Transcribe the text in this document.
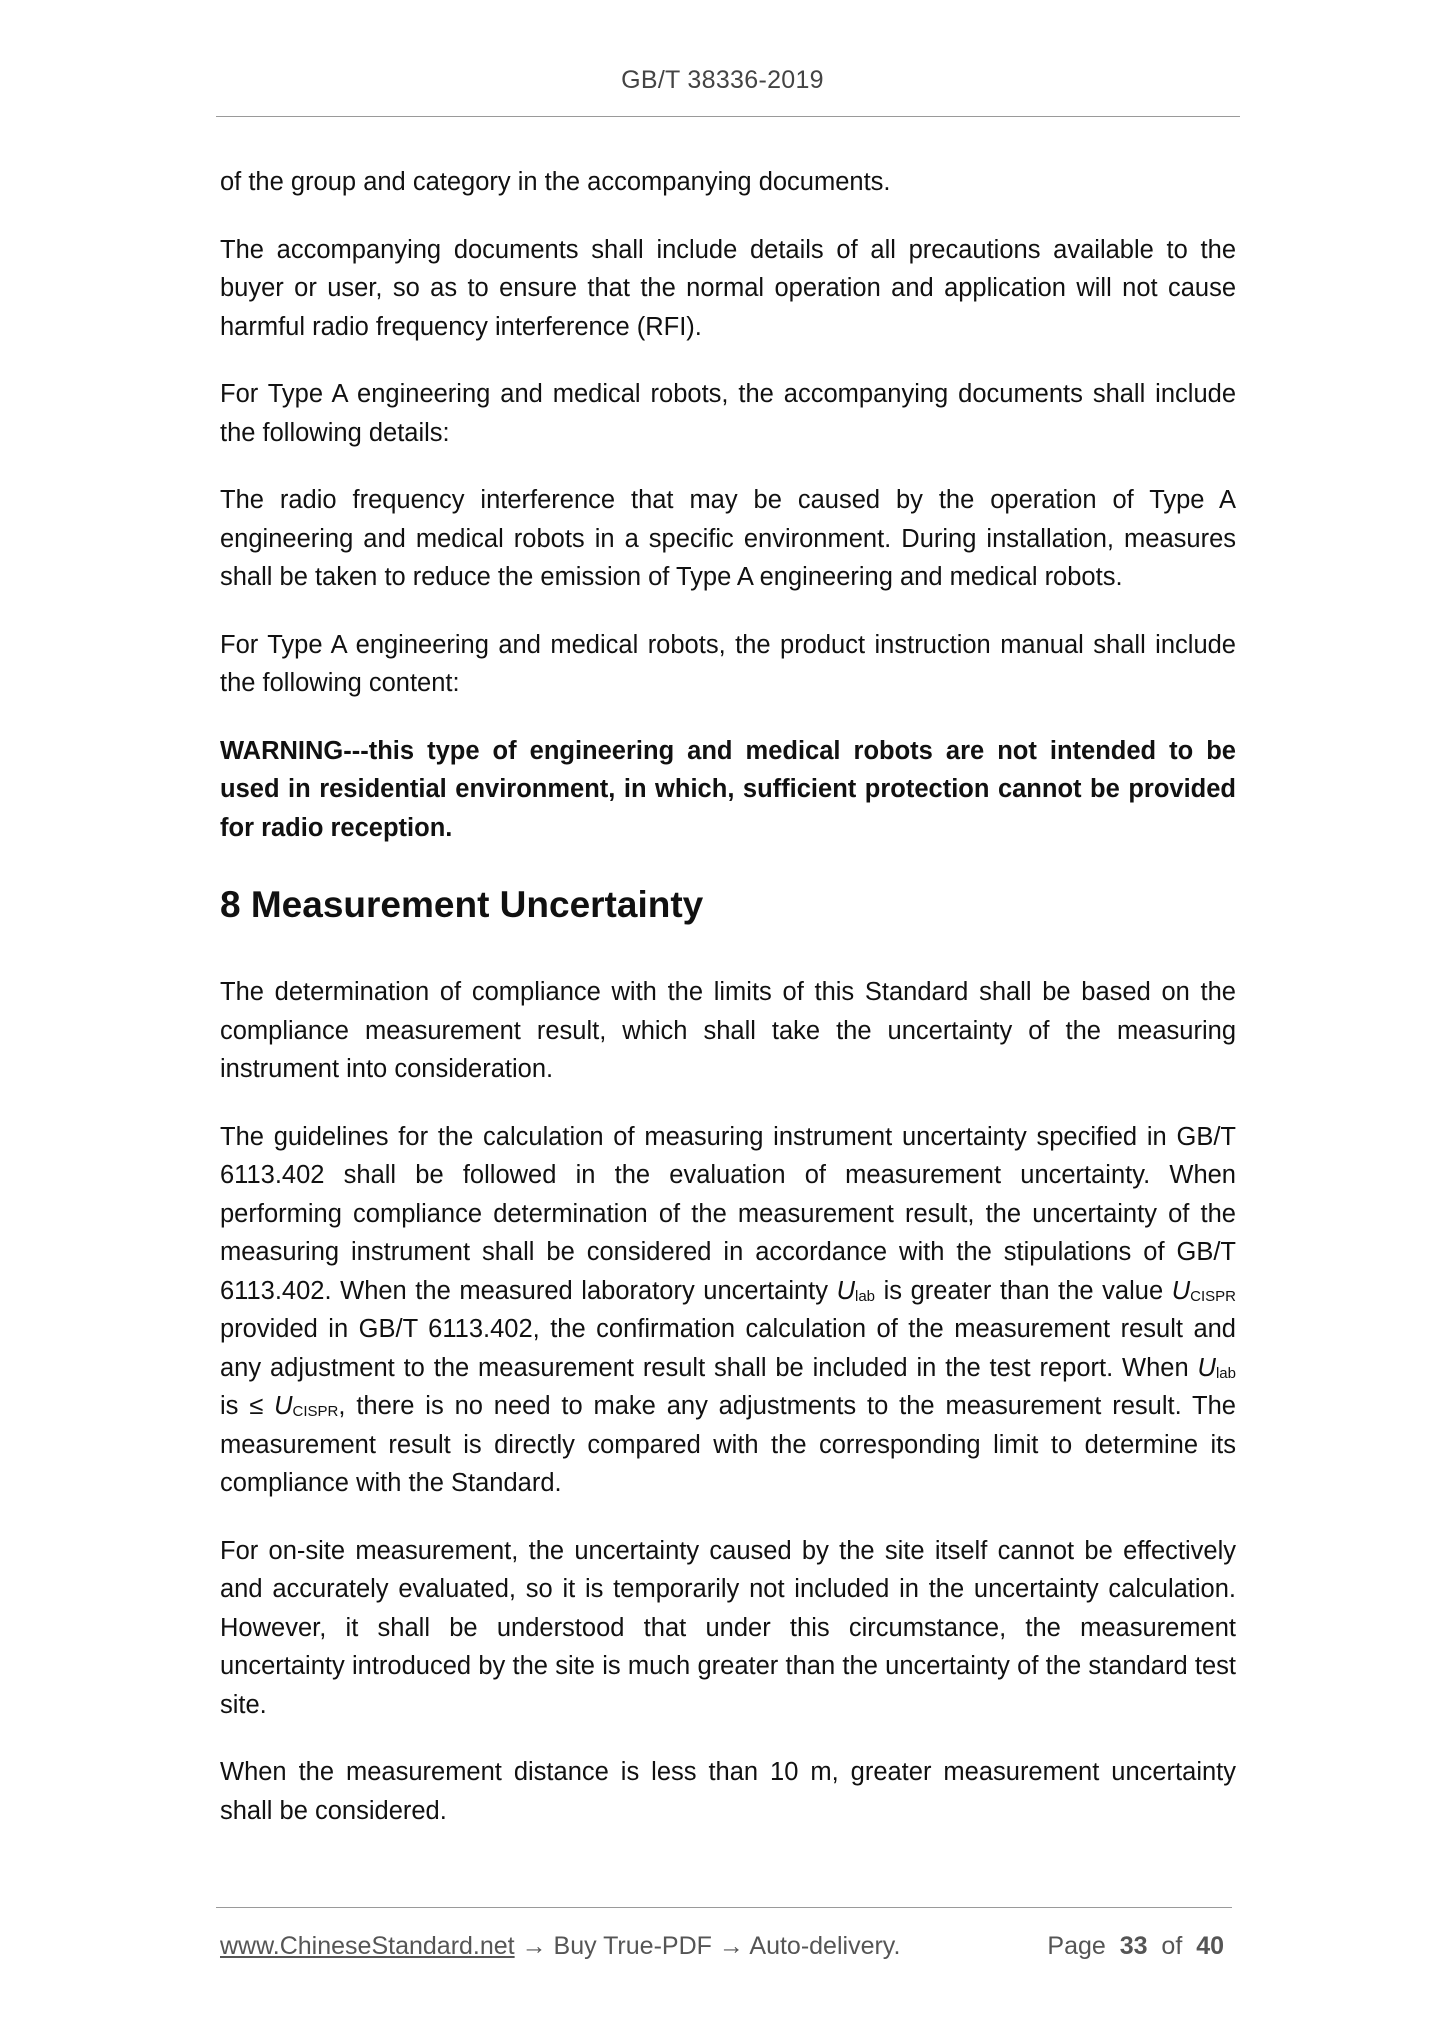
GB/T 38336-2019

of the group and category in the accompanying documents.

The accompanying documents shall include details of all precautions available to the buyer or user, so as to ensure that the normal operation and application will not cause harmful radio frequency interference (RFI).

For Type A engineering and medical robots, the accompanying documents shall include the following details:

The radio frequency interference that may be caused by the operation of Type A engineering and medical robots in a specific environment. During installation, measures shall be taken to reduce the emission of Type A engineering and medical robots.

For Type A engineering and medical robots, the product instruction manual shall include the following content:

WARNING---this type of engineering and medical robots are not intended to be used in residential environment, in which, sufficient protection cannot be provided for radio reception.

8 Measurement Uncertainty

The determination of compliance with the limits of this Standard shall be based on the compliance measurement result, which shall take the uncertainty of the measuring instrument into consideration.

The guidelines for the calculation of measuring instrument uncertainty specified in GB/T 6113.402 shall be followed in the evaluation of measurement uncertainty. When performing compliance determination of the measurement result, the uncertainty of the measuring instrument shall be considered in accordance with the stipulations of GB/T 6113.402. When the measured laboratory uncertainty $U_{lab}$ is greater than the value $U_{CISPR}$ provided in GB/T 6113.402, the confirmation calculation of the measurement result and any adjustment to the measurement result shall be included in the test report. When $U_{lab}$ is ≤ $U_{CISPR}$, there is no need to make any adjustments to the measurement result. The measurement result is directly compared with the corresponding limit to determine its compliance with the Standard.

For on-site measurement, the uncertainty caused by the site itself cannot be effectively and accurately evaluated, so it is temporarily not included in the uncertainty calculation. However, it shall be understood that under this circumstance, the measurement uncertainty introduced by the site is much greater than the uncertainty of the standard test site.

When the measurement distance is less than 10 m, greater measurement uncertainty shall be considered.

www.ChineseStandard.net → Buy True-PDF → Auto-delivery.	Page 33 of 40
